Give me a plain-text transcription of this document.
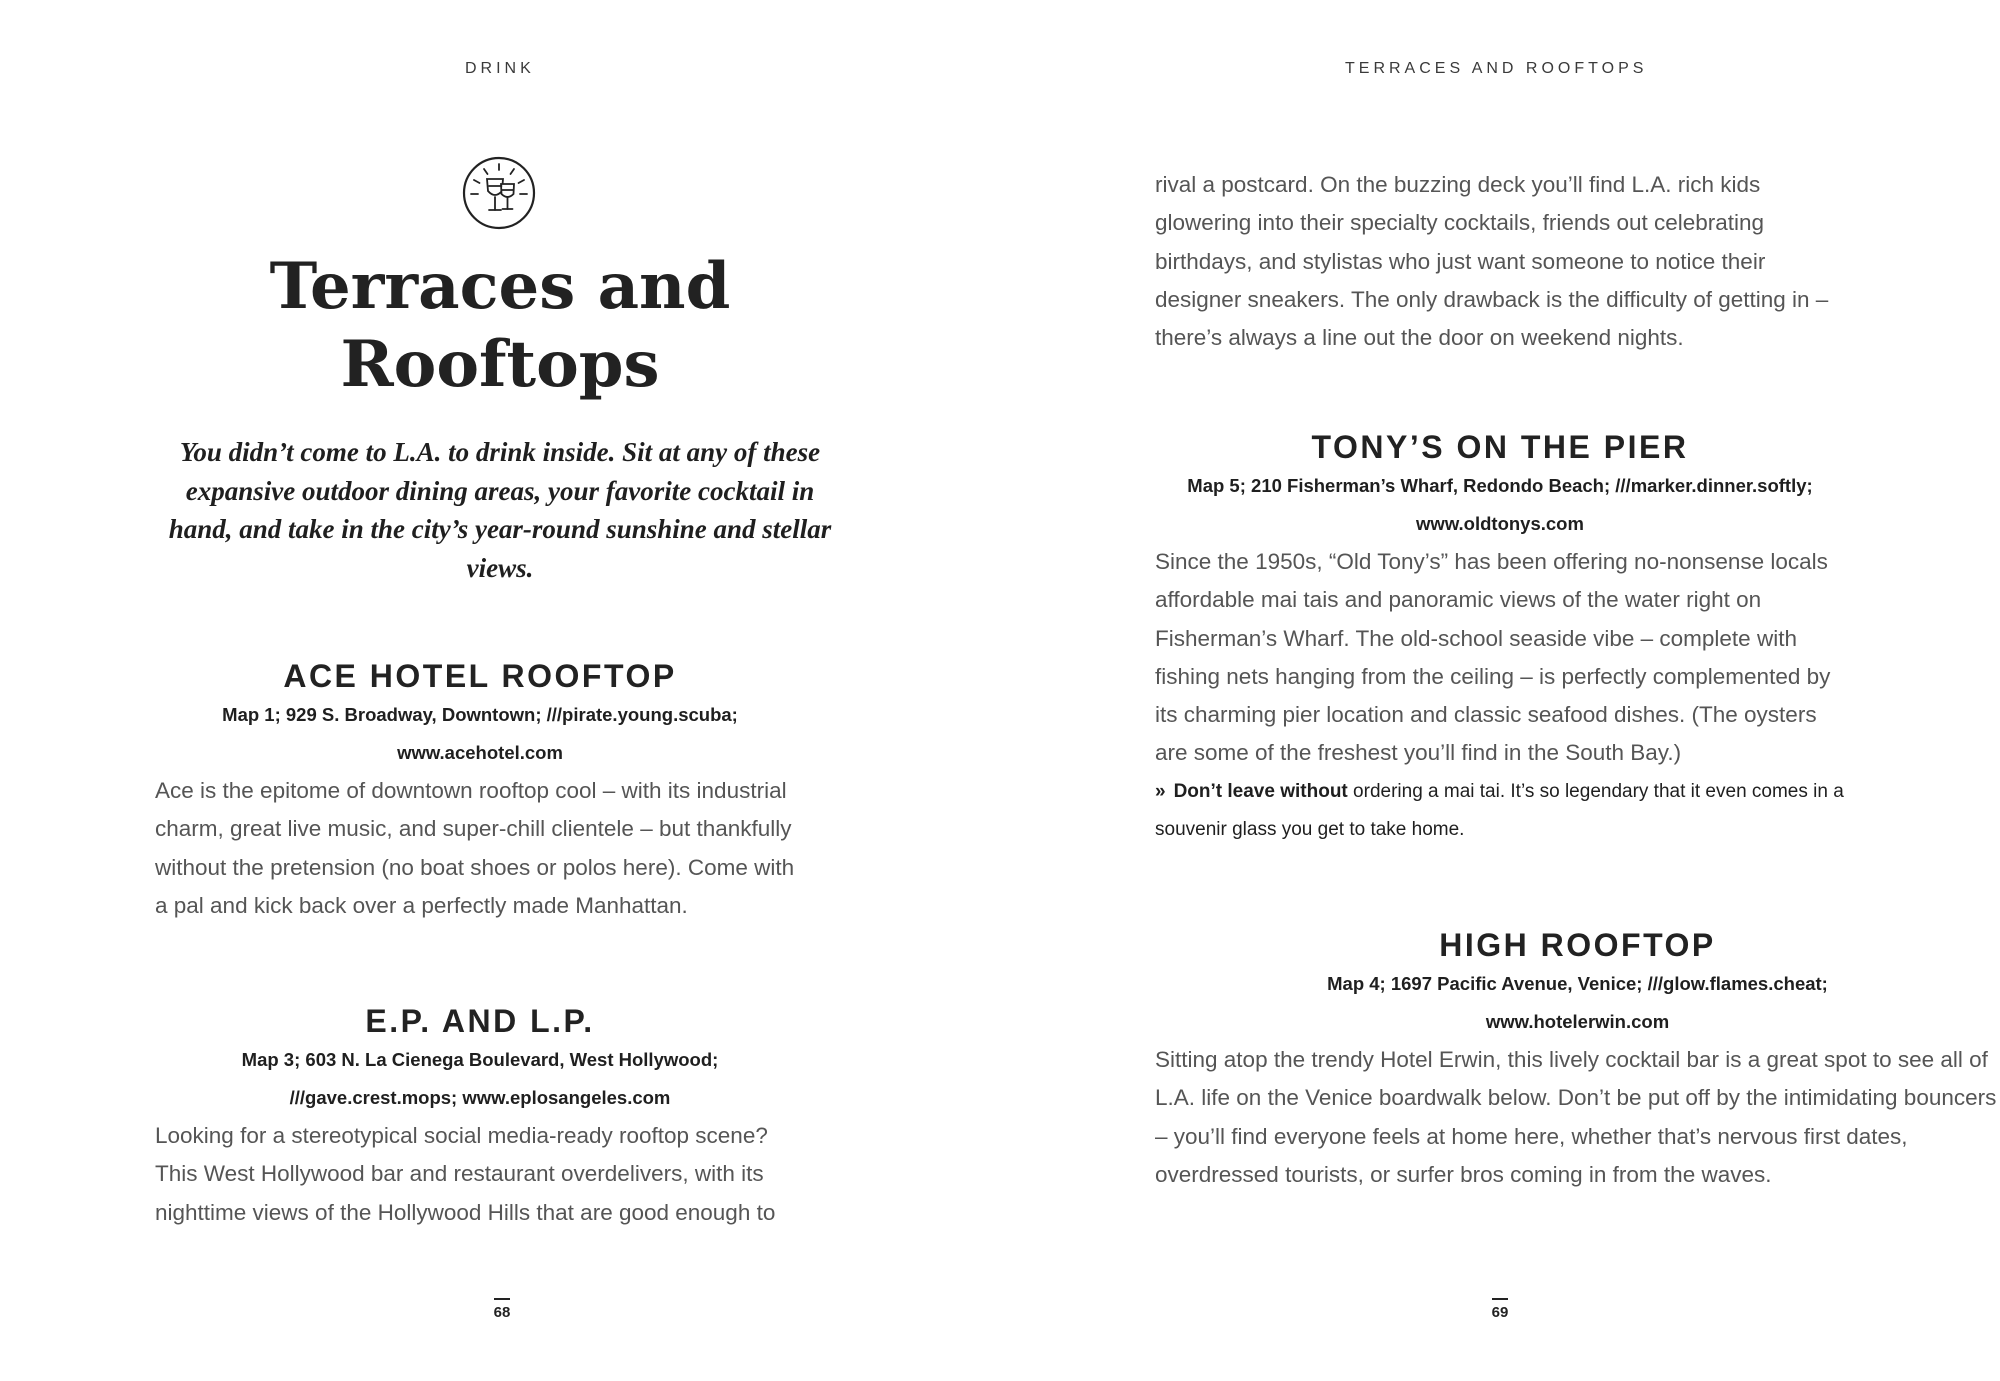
DRINK
Terraces and Rooftops

You didn’t come to L.A. to drink inside. Sit at any of these expansive outdoor dining areas, your favorite cocktail in hand, and take in the city’s year-round sunshine and stellar views.

ACE HOTEL ROOFTOP

Map 1; 929 S. Broadway, Downtown; ///pirate.young.scuba;

www.acehotel.com

Ace is the epitome of downtown rooftop cool – with its industrial charm, great live music, and super-chill clientele – but thankfully without the pretension (no boat shoes or polos here). Come with a pal and kick back over a perfectly made Manhattan.

E.P. AND L.P.

Map 3; 603 N. La Cienega Boulevard, West Hollywood;

///gave.crest.mops; www.eplosangeles.com

Looking for a stereotypical social media-ready rooftop scene? This West Hollywood bar and restaurant overdelivers, with its nighttime views of the Hollywood Hills that are good enough to

68
TERRACES AND ROOFTOPS

rival a postcard. On the buzzing deck you’ll find L.A. rich kids glowering into their specialty cocktails, friends out celebrating birthdays, and stylistas who just want someone to notice their designer sneakers. The only drawback is the difficulty of getting in – there’s always a line out the door on weekend nights.

TONY’S ON THE PIER

Map 5; 210 Fisherman’s Wharf, Redondo Beach; ///marker.dinner.softly;

www.oldtonys.com

Since the 1950s, “Old Tony’s” has been offering no-nonsense locals affordable mai tais and panoramic views of the water right on Fisherman’s Wharf. The old-school seaside vibe – complete with fishing nets hanging from the ceiling – is perfectly complemented by its charming pier location and classic seafood dishes. (The oysters are some of the freshest you’ll find in the South Bay.)

» Don’t leave without ordering a mai tai. It’s so legendary that it even comes in a souvenir glass you get to take home.

HIGH ROOFTOP

Map 4; 1697 Pacific Avenue, Venice; ///glow.flames.cheat;

www.hotelerwin.com

Sitting atop the trendy Hotel Erwin, this lively cocktail bar is a great spot to see all of L.A. life on the Venice boardwalk below. Don’t be put off by the intimidating bouncers – you’ll find everyone feels at home here, whether that’s nervous first dates, overdressed tourists, or surfer bros coming in from the waves.

69
